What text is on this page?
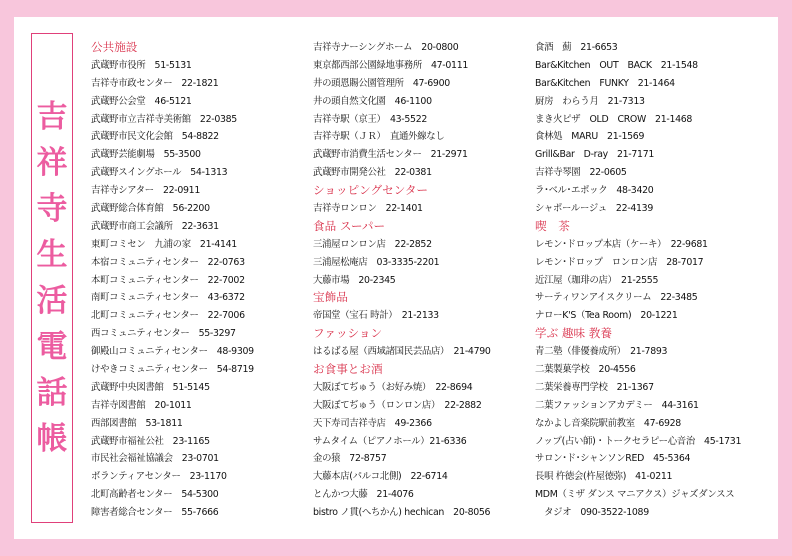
吉
祥
寺
生
活
電
話
帳
公共施設
武蔵野市役所　51-5131
吉祥寺市政センター　22-1821
武蔵野公会堂　46-5121
武蔵野市立吉祥寺美術館　22-0385
武蔵野市民文化会館　54-8822
武蔵野芸能劇場　55-3500
武蔵野スイングホール　54-1313
吉祥寺シアター　22-0911
武蔵野総合体育館　56-2200
武蔵野市商工会議所　22-3631
東町コミセン　九浦の家　21-4141
本宿コミュニティセンター　22-0763
本町コミュニティセンター　22-7002
南町コミュニティセンター　43-6372
北町コミュニティセンター　22-7006
西コミュニティセンター　55-3297
御殿山コミュニティセンター　48-9309
けやきコミュニティセンター　54-8719
武蔵野中央図書館　51-5145
吉祥寺図書館　20-1011
西部図書館　53-1811
武蔵野市福祉公社　23-1165
市民社会福祉協議会　23-0701
ボランティアセンター　23-1170
北町高齢者センター　54-5300
障害者総合センター　55-7666
吉祥寺ナーシングホーム　20-0800
東京都西部公園緑地事務所　47-0111
井の頭恩賜公園管理所　47-6900
井の頭自然文化園　46-1100
吉祥寺駅（京王）　43-5522
吉祥寺駅（ＪＲ）　直通外線なし
武蔵野市消費生活センター　21-2971
武蔵野市開発公社　22-0381
ショッピングセンター
吉祥寺ロンロン　22-1401
食品 スーパー
三浦屋ロンロン店　22-2852
三浦屋松庵店　03-3335-2201
大藤市場　20-2345
宝飾品
帝国堂（宝石 時計）　21-2133
ファッション
はるばる屋（西域諸国民芸品店）　21-4790
お食事とお酒
大阪ぼてぢゅう（お好み焼）　22-8694
大阪ぼてぢゅう（ロンロン店）　22-2882
天下寿司吉祥寺店　49-2366
サムタイム（ピアノホール）21-6336
金の猿　72-8757
大藤本店(パルコ北側)　22-6714
とんかつ大藤　21-4076
bistro ノ貫(へちかん) hechican　20-8056
食酒　薊　21-6653
Bar&Kitchen　OUT　BACK　21-1548
Bar&Kitchen　FUNKY　21-1464
厨房　わらう月　21-7313
まき火ピザ　OLD　CROW　21-1468
食林処　MARU　21-1569
Grill&Bar　D-ray　21-7171
吉祥寺琴園　22-0605
ラ･ベル･エポック　48-3420
シャポールージュ　22-4139
喫　茶
レモン･ドロップ本店（ケーキ）　22-9681
レモン･ドロップ　ロンロン店　28-7017
近江屋（珈琲の店）　21-2555
サーティワンアイスクリーム　22-3485
ナローK'S（Tea Room)　20-1221
学ぶ 趣味 教養
青二塾（俳優養成所）　21-7893
二葉製菓学校　20-4556
二葉栄養専門学校　21-1367
二葉ファッションアカデミー　44-3161
なかよし音楽院駅前教室　47-6928
ノップ(占い師)・トークセラピー心音治　45-1731
サロン･ド･シャンソンRED　45-5364
長唄 杵徳会(杵屋徳弥)　41-0211
MDM（ミザ ダンス マニアクス）ジャズダンスス
　タジオ　090-3522-1089
